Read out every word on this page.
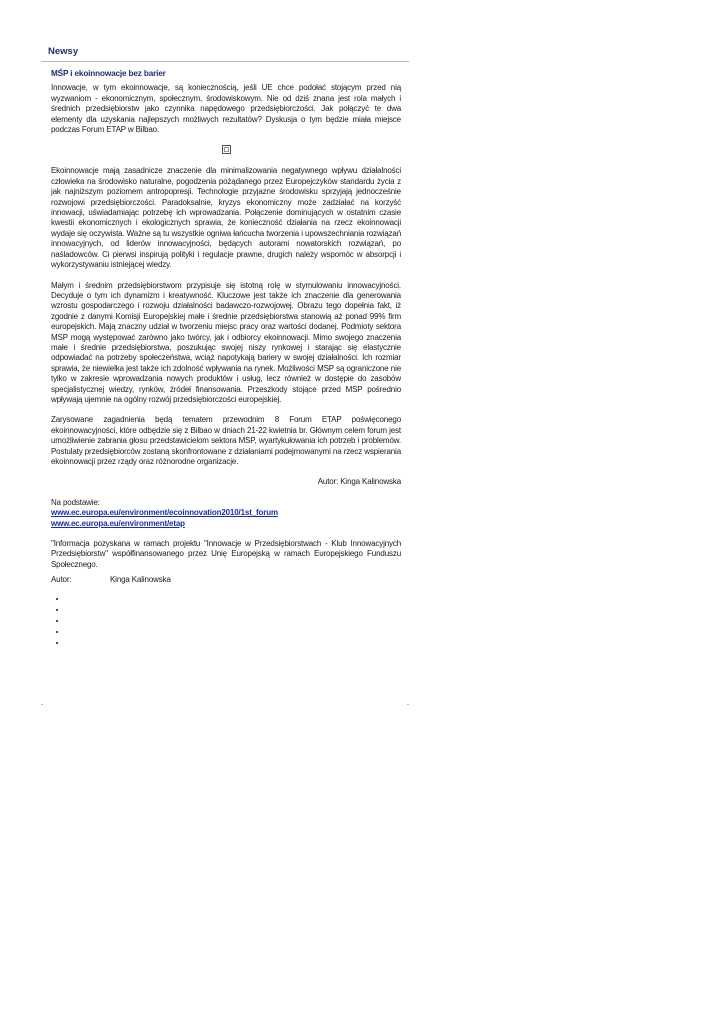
Newsy
MŚP i ekoinnowacje bez barier

Innowacje, w tym ekoinnowacje, są koniecznością, jeśli UE chce podołać stojącym przed nią wyzwaniom - ekonomicznym, społecznym, środowiskowym. Nie od dziś znana jest rola małych i średnich przedsiębiorstw jako czynnika napędowego przedsiębiorczości. Jak połączyć te dwa elementy dla uzyskania najlepszych możliwych rezultatów? Dyskusja o tym będzie miała miejsce podczas Forum ETAP w Bilbao.

Ekoinnowacje mają zasadnicze znaczenie dla minimalizowania negatywnego wpływu działalności człowieka na środowisko naturalne, pogodzenia pożądanego przez Europejczyków standardu życia z jak najniższym poziomem antropopresji. Technologie przyjazne środowisku sprzyjają jednocześnie rozwojowi przedsiębiorczości. Paradoksalnie, kryzys ekonomiczny może zadziałać na korzyść innowacji, uświadamiając potrzebę ich wprowadzania. Połączenie dominujących w ostatnim czasie kwestii ekonomicznych i ekologicznych sprawia, że konieczność działania na rzecz ekoinnowacji wydaje się oczywista. Ważne są tu wszystkie ogniwa łańcucha tworzenia i upowszechniania rozwiązań innowacyjnych, od liderów innowacyjności, będących autorami nowatorskich rozwiązań, po naśladowców. Ci pierwsi inspirują polityki i regulacje prawne, drugich należy wspomóc w absorpcji i wykorzystywaniu istniejącej wiedzy.

Małym i średnim przedsiębiorstwom przypisuje się istotną rolę w stymulowaniu innowacyjności. Decyduje o tym ich dynamizm i kreatywność. Kluczowe jest także ich znaczenie dla generowania wzrostu gospodarczego i rozwoju działalności badawczo-rozwojowej. Obrazu tego dopełnia fakt, iż zgodnie z danymi Komisji Europejskiej małe i średnie przedsiębiorstwa stanowią aż ponad 99% firm europejskich. Mają znaczny udział w tworzeniu miejsc pracy oraz wartości dodanej. Podmioty sektora MSP mogą występować zarówno jako twórcy, jak i odbiorcy ekoinnowacji. Mimo swojego znaczenia małe i średnie przedsiębiorstwa, poszukując swojej niszy rynkowej i starając się elastycznie odpowiadać na potrzeby społeczeństwa, wciąż napotykają bariery w swojej działalności. Ich rozmiar sprawia, że niewielka jest także ich zdolność wpływania na rynek. Możliwości MSP są ograniczone nie tylko w zakresie wprowadzania nowych produktów i usług, lecz również w dostępie do zasobów specjalistycznej wiedzy, rynków, źródeł finansowania. Przeszkody stojące przed MSP pośrednio wpływają ujemnie na ogólny rozwój przedsiębiorczości europejskiej.

Zarysowane zagadnienia będą tematem przewodnim 8 Forum ETAP poświęconego ekoinnowacyjności, które odbędzie się z Bilbao w dniach 21-22 kwietnia br. Głównym celem forum jest umożliwienie zabrania głosu przedstawicielom sektora MSP, wyartykułowania ich potrzeb i problemów. Postulaty przedsiębiorców zostaną skonfrontowane z działaniami podejmowanymi na rzecz wspierania ekoinnowacji przez rządy oraz różnorodne organizacje.

Autor: Kinga Kalinowska

Na podstawie:
www.ec.europa.eu/environment/ecoinnovation2010/1st_forum
www.ec.europa.eu/environment/etap

"Informacja pozyskana w ramach projektu "Innowacje w Przedsiębiorstwach - Klub Innowacyjnych Przedsiębiorstw" współfinansowanego przez Unię Europejską w ramach Europejskiego Funduszu Społecznego.

Autor:	Kinga Kalinowska
•
•
•
•
•
